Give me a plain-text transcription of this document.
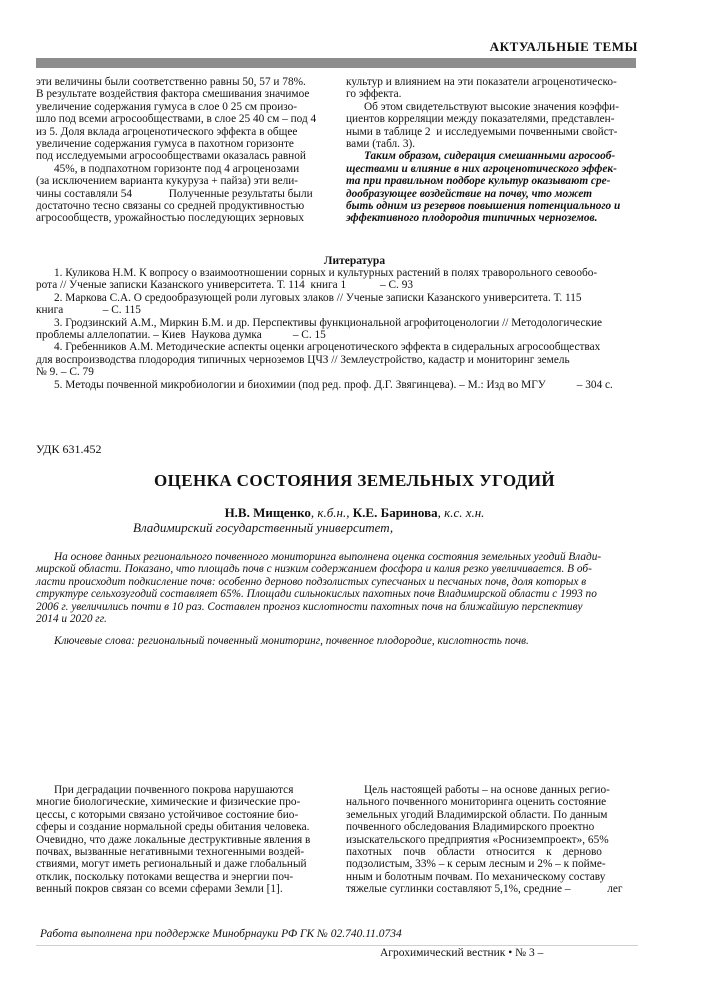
АКТУАЛЬНЫЕ ТЕМЫ
эти величины были соответственно равны 50, 57 и 78%.
В результате воздействия фактора смешивания значимое
увеличение содержания гумуса в слое 0 25 см произо-
шло под всеми агросообществами, в слое 25 40 см – под 4
из 5. Доля вклада агроценотического эффекта в общее
увеличение содержания гумуса в пахотном горизонте
под исследуемыми агросообществами оказалась равной
45%, в подпахотном горизонте под 4 агроценозами
(за исключением варианта кукуруза + пайза) эти вели-
чины составляли 54             Полученные результаты были
достаточно тесно связаны со средней продуктивностью
агросообществ, урожайностью последующих зерновых
культур и влиянием на эти показатели агроценотическо-
го эффекта.
Об этом свидетельствуют высокие значения коэффи-
циентов корреляции между показателями, представлен-
ными в таблице 2  и исследуемыми почвенными свойст-
вами (табл. 3).
Таким образом, сидерация смешанными агросооб-
ществами и влияние в них агроценотического эффек-
та при правильном подборе культур оказывают сре-
дообразующее воздействие на почву, что может
быть одним из резервов повышения потенциального и
эффективного плодородия типичных черноземов.
Литература
1. Куликова Н.М. К вопросу о взаимоотношении сорных и культурных растений в полях траворольного севообо-
рота // Ученые записки Казанского университета. Т. 114  книга 1            – С. 93
2. Маркова С.А. О средообразующей роли луговых злаков // Ученые записки Казанского университета. Т. 115
книга              – С. 115
3. Гродзинский А.М., Миркин Б.М. и др. Перспективы функциональной агрофитоценологии // Методологические
проблемы аллелопатии. – Киев  Наукова думка           – С. 15
4. Гребенников А.М. Методические аспекты оценки агроценотического эффекта в сидеральных агросообществах
для воспроизводства плодородия типичных черноземов ЦЧЗ // Землеустройство, кадастр и мониторинг земель
№ 9. – С. 79
5. Методы почвенной микробиологии и биохимии (под ред. проф. Д.Г. Звягинцева). – М.: Изд во МГУ           – 304 с.
УДК 631.452
ОЦЕНКА СОСТОЯНИЯ ЗЕМЕЛЬНЫХ УГОДИЙ
Н.В. Мищенко, к.б.н., К.Е. Баринова, к.с. х.н.
Владимирский государственный университет,
На основе данных регионального почвенного мониторинга выполнена оценка состояния земельных угодий Влади-
мирской области. Показано, что площадь почв с низким содержанием фосфора и калия резко увеличивается. В об-
ласти происходит подкисление почв: особенно дерново подзолистых супесчаных и песчаных почв, доля которых в
структуре сельхозугодий составляет 65%. Площади сильнокислых пахотных почв Владимирской области с 1993 по
2006 г. увеличились почти в 10 раз. Составлен прогноз кислотности пахотных почв на ближайшую перспективу
2014 и 2020 гг.
Ключевые слова: региональный почвенный мониторинг, почвенное плодородие, кислотность почв.
При деградации почвенного покрова нарушаются
многие биологические, химические и физические про-
цессы, с которыми связано устойчивое состояние био-
сферы и создание нормальной среды обитания человека.
Очевидно, что даже локальные деструктивные явления в
почвах, вызванные негативными техногенными воздей-
ствиями, могут иметь региональный и даже глобальный
отклик, поскольку потоками вещества и энергии поч-
венный покров связан со всеми сферами Земли [1].
Цель настоящей работы – на основе данных регио-
нального почвенного мониторинга оценить состояние
земельных угодий Владимирской области. По данным
почвенного обследования Владимирского проектно
изыскательского предприятия «Росниземпроект», 65%
пахотных    почв    области    относится    к    дерново
подзолистым, 33% – к серым лесным и 2% – к пойме-
нным и болотным почвам. По механическому составу
тяжелые суглинки составляют 5,1%, средние –             лег
Работа выполнена при поддержке Минобрнауки РФ ГК № 02.740.11.0734
Агрохимический вестник • № 3 –
